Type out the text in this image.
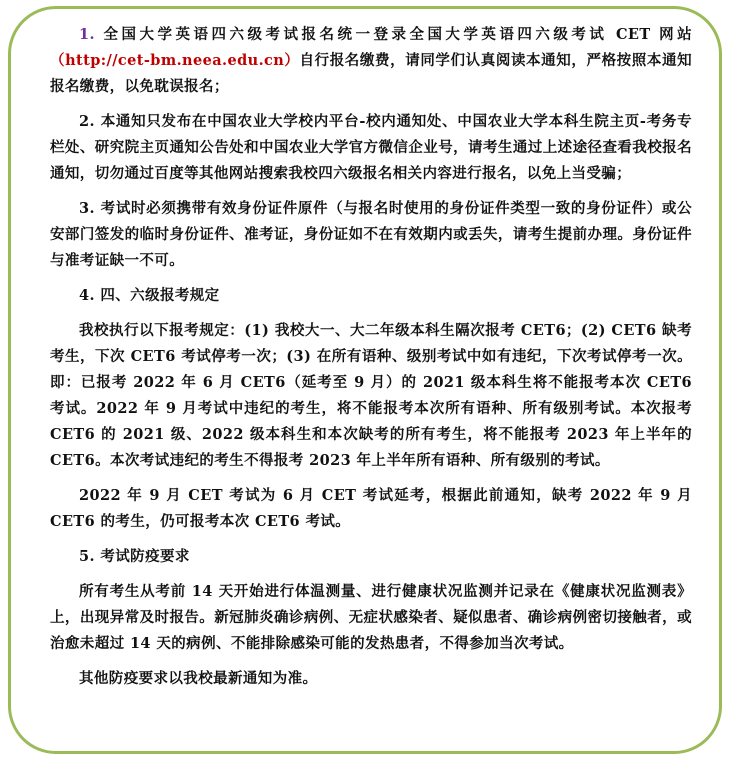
1. 全国大学英语四六级考试报名统一登录全国大学英语四六级考试 CET 网站（http://cet-bm.neea.edu.cn）自行报名缴费，请同学们认真阅读本通知，严格按照本通知报名缴费，以免耽误报名；

2. 本通知只发布在中国农业大学校内平台-校内通知处、中国农业大学本科生院主页-考务专栏处、研究院主页通知公告处和中国农业大学官方微信企业号，请考生通过上述途径查看我校报名通知，切勿通过百度等其他网站搜索我校四六级报名相关内容进行报名，以免上当受骗；

3. 考试时必须携带有效身份证件原件（与报名时使用的身份证件类型一致的身份证件）或公安部门签发的临时身份证件、准考证，身份证如不在有效期内或丢失，请考生提前办理。身份证件与准考证缺一不可。

4. 四、六级报考规定

我校执行以下报考规定：(1) 我校大一、大二年级本科生隔次报考 CET6；(2) CET6 缺考考生，下次 CET6 考试停考一次；(3) 在所有语种、级别考试中如有违纪，下次考试停考一次。即：已报考 2022 年 6 月 CET6（延考至 9 月）的 2021 级本科生将不能报考本次 CET6 考试。2022 年 9 月考试中违纪的考生，将不能报考本次所有语种、所有级别考试。本次报考 CET6 的 2021 级、2022 级本科生和本次缺考的所有考生，将不能报考 2023 年上半年的 CET6。本次考试违纪的考生不得报考 2023 年上半年所有语种、所有级别的考试。

2022 年 9 月 CET 考试为 6 月 CET 考试延考，根据此前通知，缺考 2022 年 9 月 CET6 的考生，仍可报考本次 CET6 考试。

5. 考试防疫要求

所有考生从考前 14 天开始进行体温测量、进行健康状况监测并记录在《健康状况监测表》上，出现异常及时报告。新冠肺炎确诊病例、无症状感染者、疑似患者、确诊病例密切接触者，或治愈未超过 14 天的病例、不能排除感染可能的发热患者，不得参加当次考试。

其他防疫要求以我校最新通知为准。
